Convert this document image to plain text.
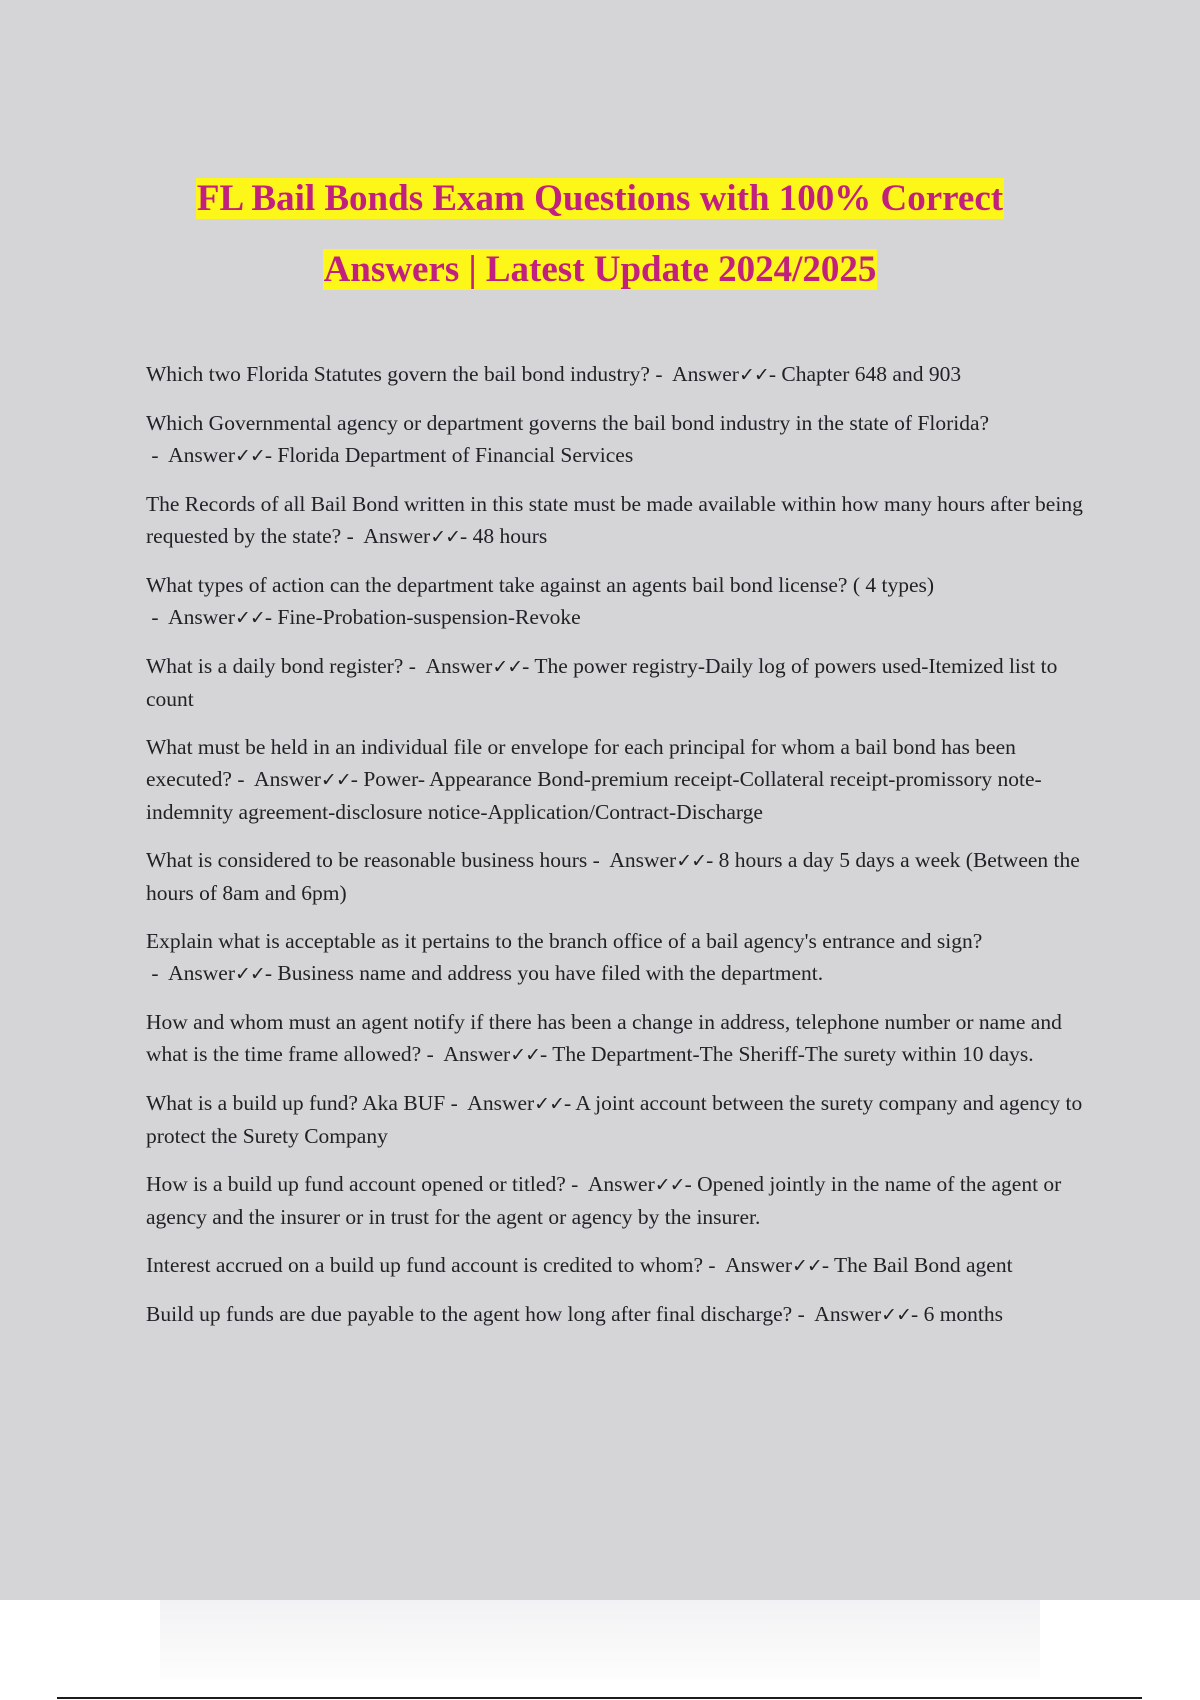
FL Bail Bonds Exam Questions with 100% Correct
Answers | Latest Update 2024/2025

Which two Florida Statutes govern the bail bond industry? -  Answer✓✓- Chapter 648 and 903

Which Governmental agency or department governs the bail bond industry in the state of Florida? -  Answer✓✓- Florida Department of Financial Services

The Records of all Bail Bond written in this state must be made available within how many hours after being requested by the state? -  Answer✓✓- 48 hours

What types of action can the department take against an agents bail bond license? ( 4 types) -  Answer✓✓- Fine-Probation-suspension-Revoke

What is a daily bond register? -  Answer✓✓- The power registry-Daily log of powers used-Itemized list to count

What must be held in an individual file or envelope for each principal for whom a bail bond has been executed? -  Answer✓✓- Power- Appearance Bond-premium receipt-Collateral receipt-promissory note-indemnity agreement-disclosure notice-Application/Contract-Discharge

What is considered to be reasonable business hours -  Answer✓✓- 8 hours a day 5 days a week (Between the hours of 8am and 6pm)

Explain what is acceptable as it pertains to the branch office of a bail agency's entrance and sign? -  Answer✓✓- Business name and address you have filed with the department.

How and whom must an agent notify if there has been a change in address, telephone number or name and what is the time frame allowed? -  Answer✓✓- The Department-The Sheriff-The surety within 10 days.

What is a build up fund? Aka BUF -  Answer✓✓- A joint account between the surety company and agency to protect the Surety Company

How is a build up fund account opened or titled? -  Answer✓✓- Opened jointly in the name of the agent or agency and the insurer or in trust for the agent or agency by the insurer.

Interest accrued on a build up fund account is credited to whom? -  Answer✓✓- The Bail Bond agent

Build up funds are due payable to the agent how long after final discharge? -  Answer✓✓- 6 months
